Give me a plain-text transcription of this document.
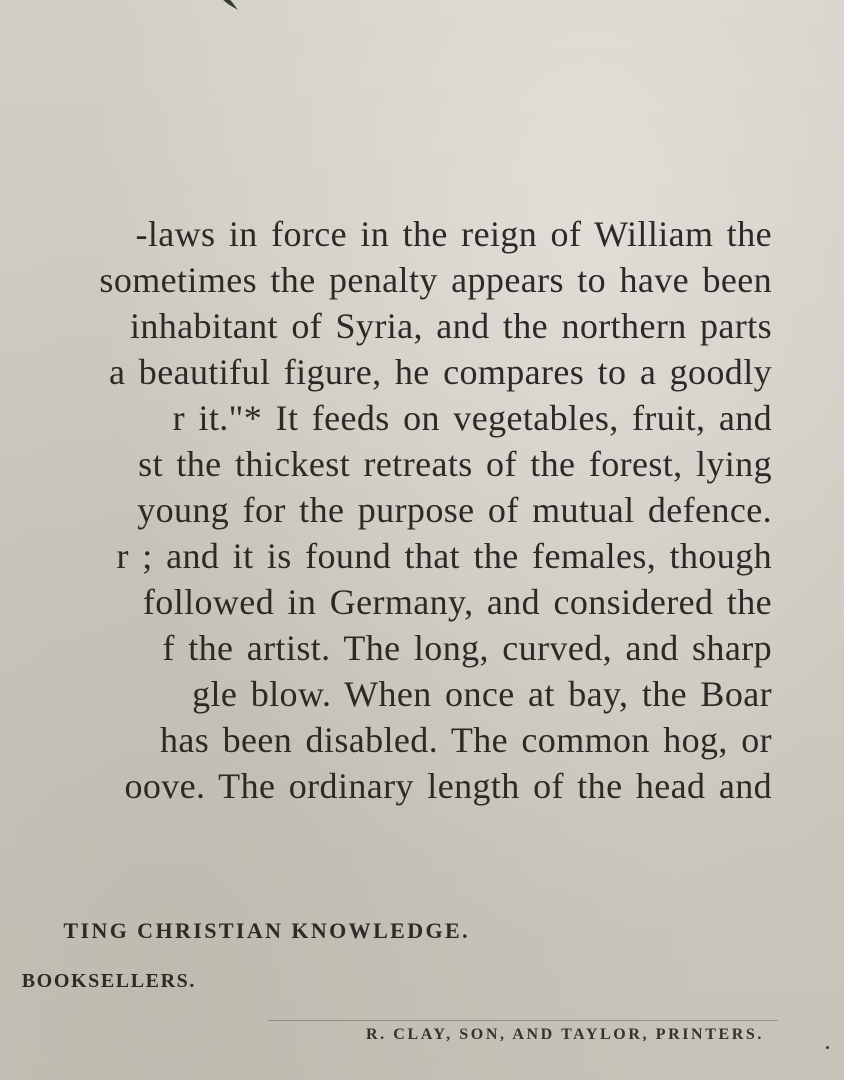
-laws in force in the reign of William the
sometimes the penalty appears to have been
inhabitant of Syria, and the northern parts
a beautiful figure, he compares to a goodly
r it."* It feeds on vegetables, fruit, and
st the thickest retreats of the forest, lying
young for the purpose of mutual defence.
r ; and it is found that the females, though
followed in Germany, and considered the
f the artist. The long, curved, and sharp
gle blow. When once at bay, the Boar
has been disabled. The common hog, or
oove. The ordinary length of the head and
TING CHRISTIAN KNOWLEDGE.
BOOKSELLERS.
R. CLAY, SON, AND TAYLOR, PRINTERS.
